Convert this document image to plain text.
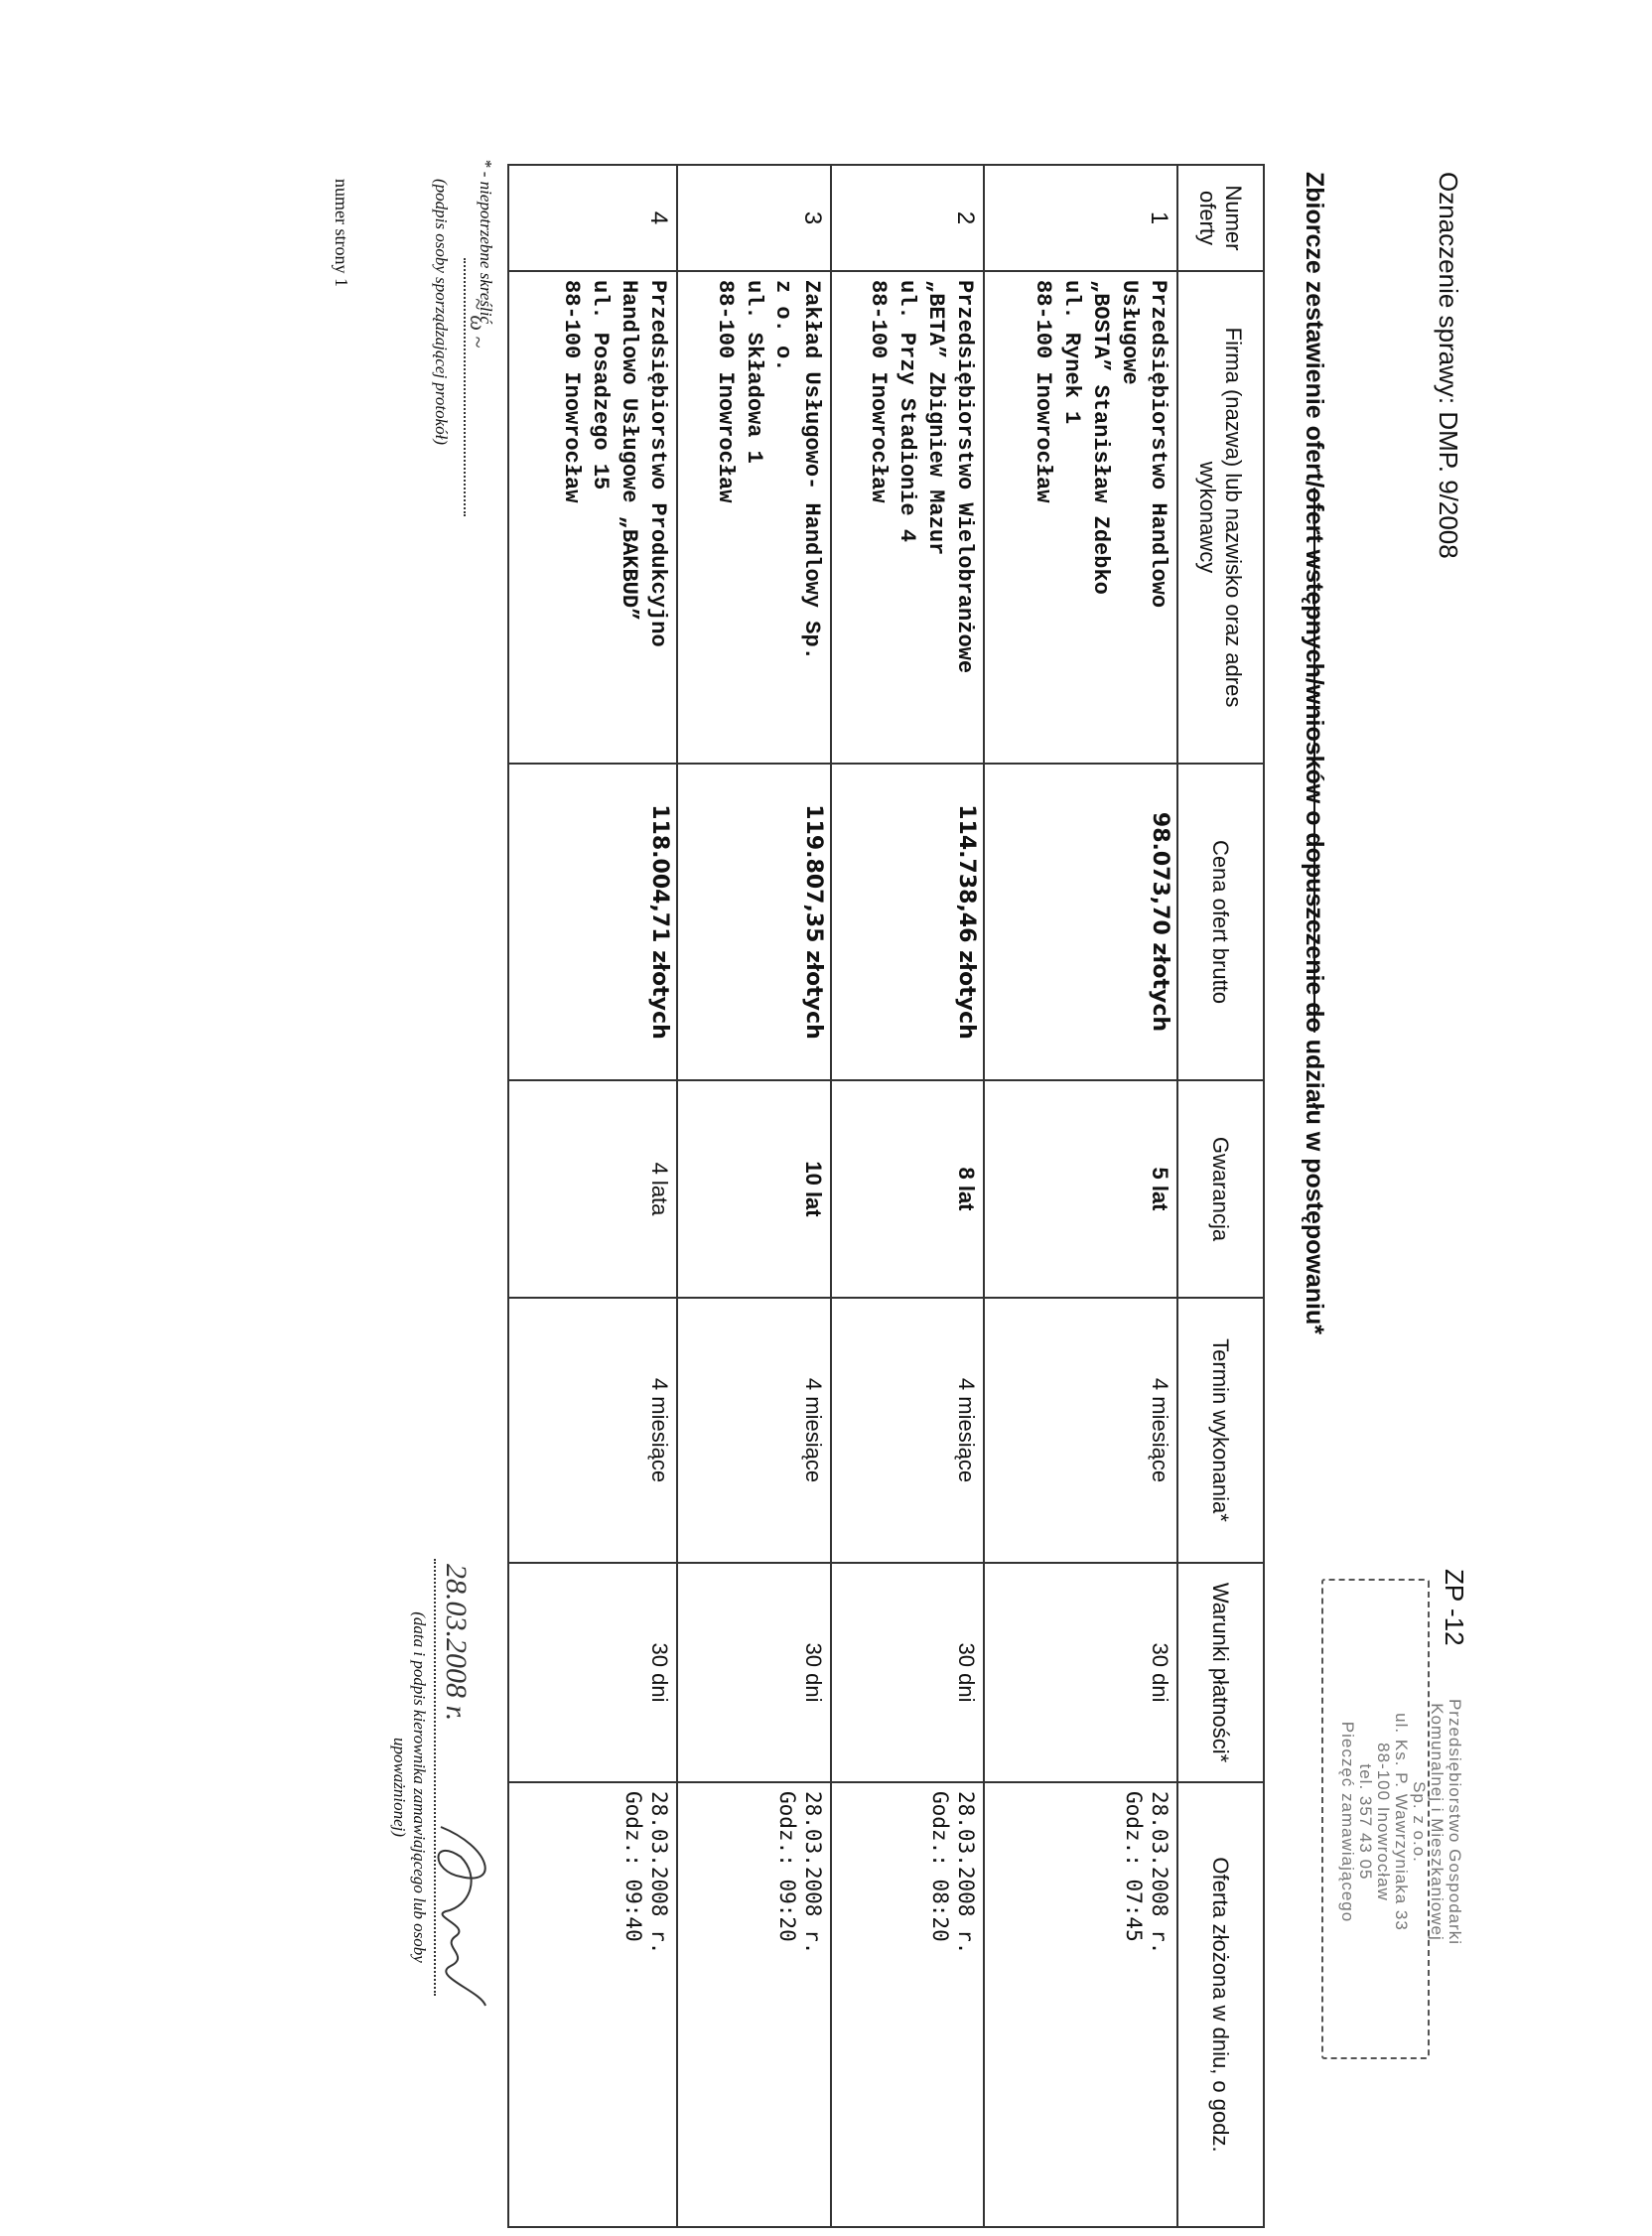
Oznaczenie sprawy: DMP. 9/2008
Zbiorcze zestawienie ofert/ofert wstępnych/wniosków o dopuszczenie do udziału w postępowaniu*
ZP -12
Przedsiębiorstwo Gospodarki
Komunalnej i Mieszkaniowej
Sp. z o.o.
ul. Ks. P. Wawrzyniaka 33
88-100 Inowrocław
tel. 357 43 05
Pieczęć zamawiającego
Numer oferty	Firma (nazwa) lub nazwisko oraz adres wykonawcy	Cena ofert brutto	Gwarancja	Termin wykonania*	Warunki płatności*	Oferta złożona w dniu, o godz.
1	Przedsiębiorstwo Handlowo
Usługowe
„BOSTA” Stanisław Zdebko
ul. Rynek 1
88-100 Inowrocław	98.073,70 złotych	5 lat	4 miesiące	30 dni	28.03.2008 r.
Godz.: 07:45
2	Przedsiębiorstwo Wielobranżowe
„BETA” Zbigniew Mazur
ul. Przy Stadionie 4
88-100 Inowrocław	114.738,46 złotych	8 lat	4 miesiące	30 dni	28.03.2008 r.
Godz.: 08:20
3	Zakład Usługowo- Handlowy Sp.
z o. o.
ul. Składowa 1
88-100 Inowrocław	119.807,35 złotych	10 lat	4 miesiące	30 dni	28.03.2008 r.
Godz.: 09:20
4	Przedsiębiorstwo Produkcyjno
Handlowo Usługowe „BAKBUD”
ul. Posadzego 15
88-100 Inowrocław	118.004,71 złotych	4 lata	4 miesiące	30 dni	28.03.2008 r.
Godz.: 09:40
* - niepotrzebne skreślić
~ ω ~
(podpis osoby sporządzającej protokół)
numer strony 1
28.03.2008 r.
(data i podpis kierownika zamawiającego lub osoby upoważnionej)
